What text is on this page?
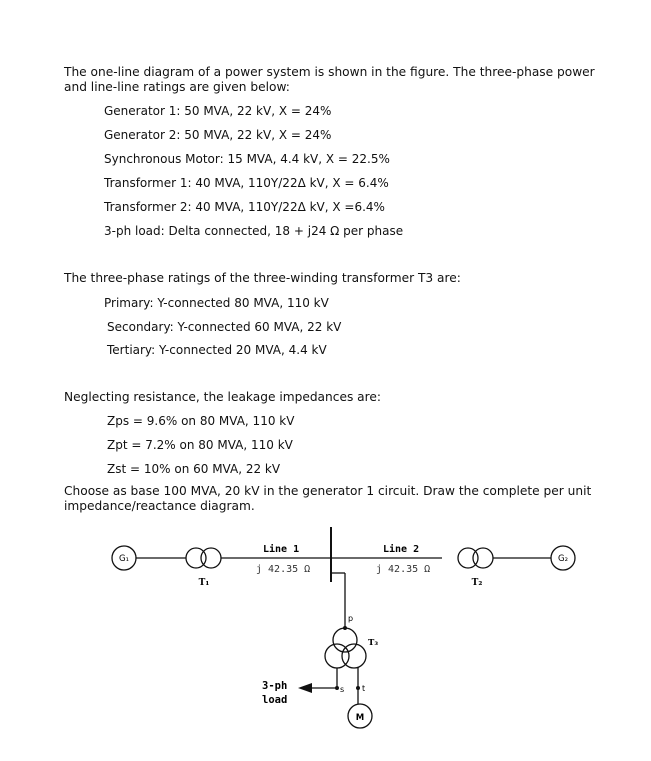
The one-line diagram of a power system is shown in the figure. The three-phase power and line-line ratings are given below:
Generator 1: 50 MVA, 22 kV, X = 24%
Generator 2: 50 MVA, 22 kV, X = 24%
Synchronous Motor: 15 MVA, 4.4 kV, X = 22.5%
Transformer 1: 40 MVA, 110Y/22Δ kV, X = 6.4%
Transformer 2: 40 MVA, 110Y/22Δ kV, X =6.4%
3-ph load: Delta connected, 18 + j24 Ω per phase
The three-phase ratings of the three-winding transformer T3 are:
Primary: Y-connected 80 MVA, 110 kV
Secondary: Y-connected 60 MVA, 22 kV
Tertiary: Y-connected 20 MVA, 4.4 kV
Neglecting resistance, the leakage impedances are:
Zps = 9.6% on 80 MVA, 110 kV
Zpt = 7.2% on 80 MVA, 110 kV
Zst = 10% on 60 MVA, 22 kV
Choose as base 100 MVA, 20 kV in the generator 1 circuit. Draw the complete per unit impedance/reactance diagram.
G₁	G₂
T₁	T₂
Line 1
j 42.35 Ω
Line 2
j 42.35 Ω
p
T₃
s t
M
3-ph
load
